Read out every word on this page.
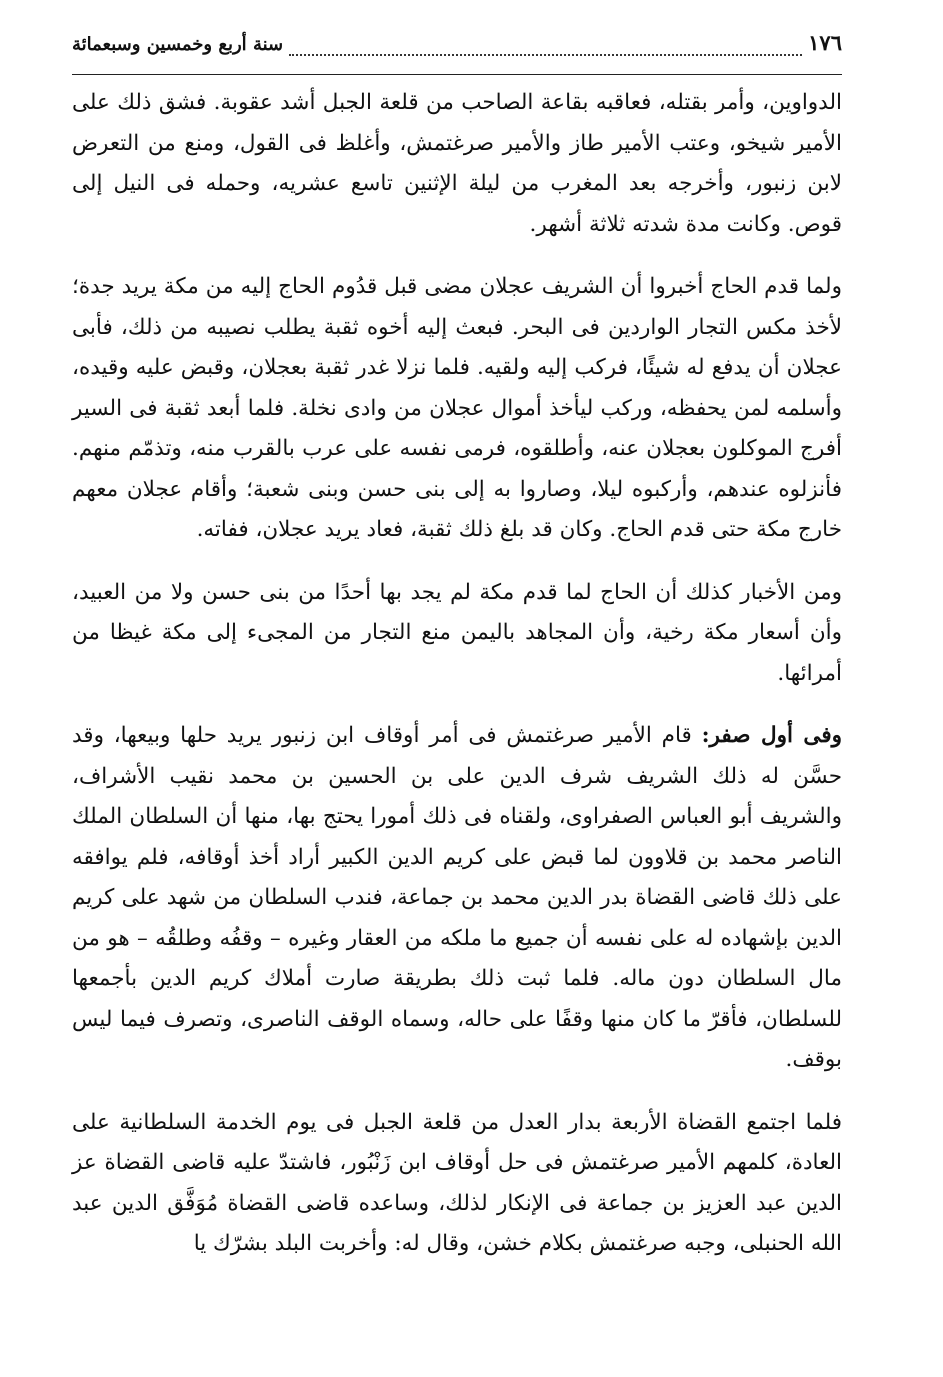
١٧٦
سنة أربع وخمسين وسبعمائة

الدواوين، وأمر بقتله، فعاقبه بقاعة الصاحب من قلعة الجبل أشد عقوبة. فشق ذلك على الأمير شيخو، وعتب الأمير طاز والأمير صرغتمش، وأغلظ فى القول، ومنع من التعرض لابن زنبور، وأخرجه بعد المغرب من ليلة الإثنين تاسع عشريه، وحمله فى النيل إلى قوص. وكانت مدة شدته ثلاثة أشهر.

ولما قدم الحاج أخبروا أن الشريف عجلان مضى قبل قدُوم الحاج إليه من مكة يريد جدة؛ لأخذ مكس التجار الواردين فى البحر. فبعث إليه أخوه ثقبة يطلب نصيبه من ذلك، فأبى عجلان أن يدفع له شيئًا، فركب إليه ولقيه. فلما نزلا غدر ثقبة بعجلان، وقبض عليه وقيده، وأسلمه لمن يحفظه، وركب ليأخذ أموال عجلان من وادى نخلة. فلما أبعد ثقبة فى السير أفرج الموكلون بعجلان عنه، وأطلقوه، فرمى نفسه على عرب بالقرب منه، وتذمّم منهم. فأنزلوه عندهم، وأركبوه ليلا، وصاروا به إلى بنى حسن وبنى شعبة؛ وأقام عجلان معهم خارج مكة حتى قدم الحاج. وكان قد بلغ ذلك ثقبة، فعاد يريد عجلان، ففاته.

ومن الأخبار كذلك أن الحاج لما قدم مكة لم يجد بها أحدًا من بنى حسن ولا من العبيد، وأن أسعار مكة رخية، وأن المجاهد باليمن منع التجار من المجىء إلى مكة غيظا من أمرائها.

وفى أول صفر: قام الأمير صرغتمش فى أمر أوقاف ابن زنبور يريد حلها وبيعها، وقد حسَّن له ذلك الشريف شرف الدين على بن الحسين بن محمد نقيب الأشراف، والشريف أبو العباس الصفراوى، ولقناه فى ذلك أمورا يحتج بها، منها أن السلطان الملك الناصر محمد بن قلاوون لما قبض على كريم الدين الكبير أراد أخذ أوقافه، فلم يوافقه على ذلك قاضى القضاة بدر الدين محمد بن جماعة، فندب السلطان من شهد على كريم الدين بإشهاده له على نفسه أن جميع ما ملكه من العقار وغيره – وقفُه وطلقُه – هو من مال السلطان دون ماله. فلما ثبت ذلك بطريقة صارت أملاك كريم الدين بأجمعها للسلطان، فأقرّ ما كان منها وقفًا على حاله، وسماه الوقف الناصرى، وتصرف فيما ليس بوقف.

فلما اجتمع القضاة الأربعة بدار العدل من قلعة الجبل فى يوم الخدمة السلطانية على العادة، كلمهم الأمير صرغتمش فى حل أوقاف ابن زَنْبُور، فاشتدّ عليه قاضى القضاة عز الدين عبد العزيز بن جماعة فى الإنكار لذلك، وساعده قاضى القضاة مُوَفَّق الدين عبد الله الحنبلى، وجبه صرغتمش بكلام خشن، وقال له: وأخربت البلد بشرّك يا
